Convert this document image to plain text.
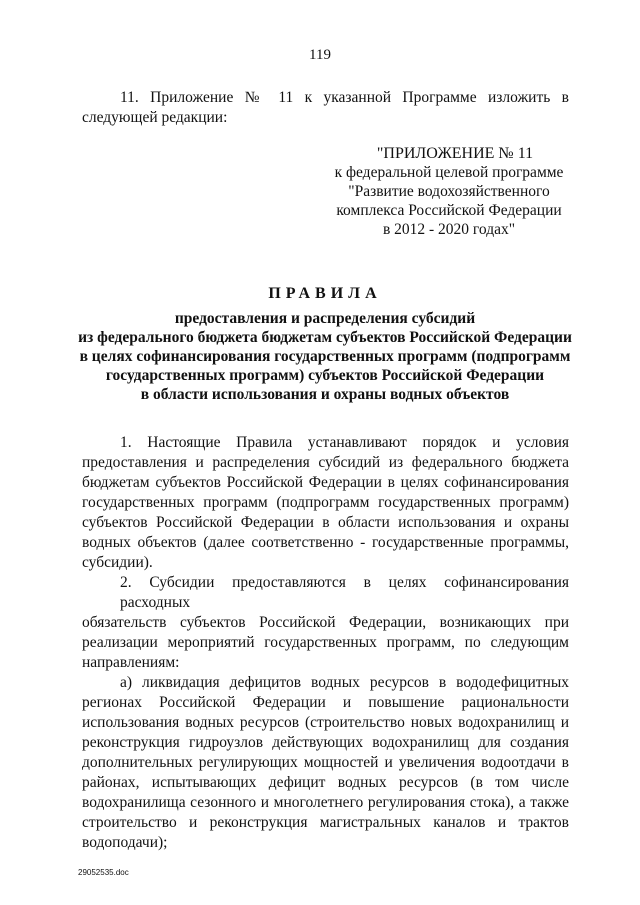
119
11. Приложение № 11 к указанной Программе изложить в
следующей редакции:
"ПРИЛОЖЕНИЕ № 11
к федеральной целевой программе
"Развитие водохозяйственного
комплекса Российской Федерации
в 2012 - 2020 годах"
ПРАВИЛА
предоставления и распределения субсидий
из федерального бюджета бюджетам субъектов Российской Федерации
в целях софинансирования государственных программ (подпрограмм
государственных программ) субъектов Российской Федерации
в области использования и охраны водных объектов
1. Настоящие Правила устанавливают порядок и условия
предоставления и распределения субсидий из федерального бюджета
бюджетам субъектов Российской Федерации в целях софинансирования
государственных программ (подпрограмм государственных программ)
субъектов Российской Федерации в области использования и охраны
водных объектов (далее соответственно - государственные программы,
субсидии).
2. Субсидии предоставляются в целях софинансирования расходных
обязательств субъектов Российской Федерации, возникающих при
реализации мероприятий государственных программ, по следующим
направлениям:
а) ликвидация дефицитов водных ресурсов в вододефицитных
регионах Российской Федерации и повышение рациональности
использования водных ресурсов (строительство новых водохранилищ и
реконструкция гидроузлов действующих водохранилищ для создания
дополнительных регулирующих мощностей и увеличения водоотдачи в
районах, испытывающих дефицит водных ресурсов (в том числе
водохранилища сезонного и многолетнего регулирования стока), а также
строительство и реконструкция магистральных каналов и трактов
водоподачи);
29052535.doc
